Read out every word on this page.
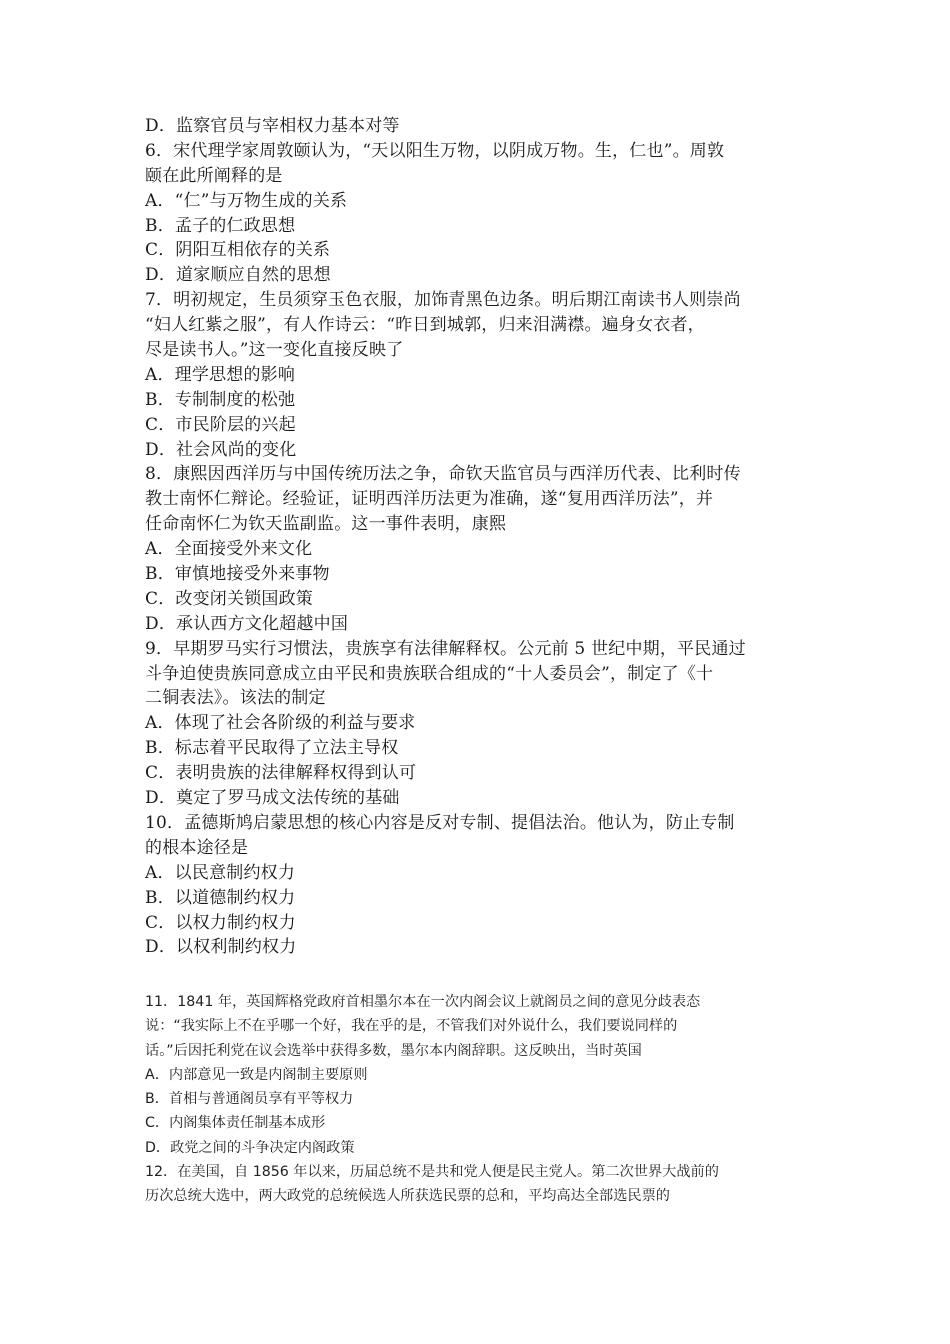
D．监察官员与宰相权力基本对等
6．宋代理学家周敦颐认为，“天以阳生万物，以阴成万物。生，仁也”。周敦
颐在此所阐释的是
A．“仁”与万物生成的关系
B．孟子的仁政思想
C．阴阳互相依存的关系
D．道家顺应自然的思想
7．明初规定，生员须穿玉色衣服，加饰青黑色边条。明后期江南读书人则崇尚
“妇人红紫之服”，有人作诗云：“昨日到城郭，归来泪满襟。遍身女衣者，
尽是读书人。”这一变化直接反映了
A．理学思想的影响
B．专制制度的松弛
C．市民阶层的兴起
D．社会风尚的变化
8．康熙因西洋历与中国传统历法之争，命钦天监官员与西洋历代表、比利时传
教士南怀仁辩论。经验证，证明西洋历法更为准确，遂“复用西洋历法”，并
任命南怀仁为钦天监副监。这一事件表明，康熙
A．全面接受外来文化
B．审慎地接受外来事物
C．改变闭关锁国政策
D．承认西方文化超越中国
9．早期罗马实行习惯法，贵族享有法律解释权。公元前 5 世纪中期，平民通过
斗争迫使贵族同意成立由平民和贵族联合组成的“十人委员会”，制定了《十
二铜表法》。该法的制定
A．体现了社会各阶级的利益与要求
B．标志着平民取得了立法主导权
C．表明贵族的法律解释权得到认可
D．奠定了罗马成文法传统的基础
10．孟德斯鸠启蒙思想的核心内容是反对专制、提倡法治。他认为，防止专制
的根本途径是
A．以民意制约权力
B．以道德制约权力
C．以权力制约权力
D．以权利制约权力
11．1841 年，英国辉格党政府首相墨尔本在一次内阁会议上就阁员之间的意见分歧表态
说：“我实际上不在乎哪一个好，我在乎的是，不管我们对外说什么，我们要说同样的
话。”后因托利党在议会选举中获得多数，墨尔本内阁辞职。这反映出，当时英国
A．内部意见一致是内阁制主要原则
B．首相与普通阁员享有平等权力
C．内阁集体责任制基本成形
D．政党之间的斗争决定内阁政策
12．在美国，自 1856 年以来，历届总统不是共和党人便是民主党人。第二次世界大战前的
历次总统大选中，两大政党的总统候选人所获选民票的总和，平均高达全部选民票的
